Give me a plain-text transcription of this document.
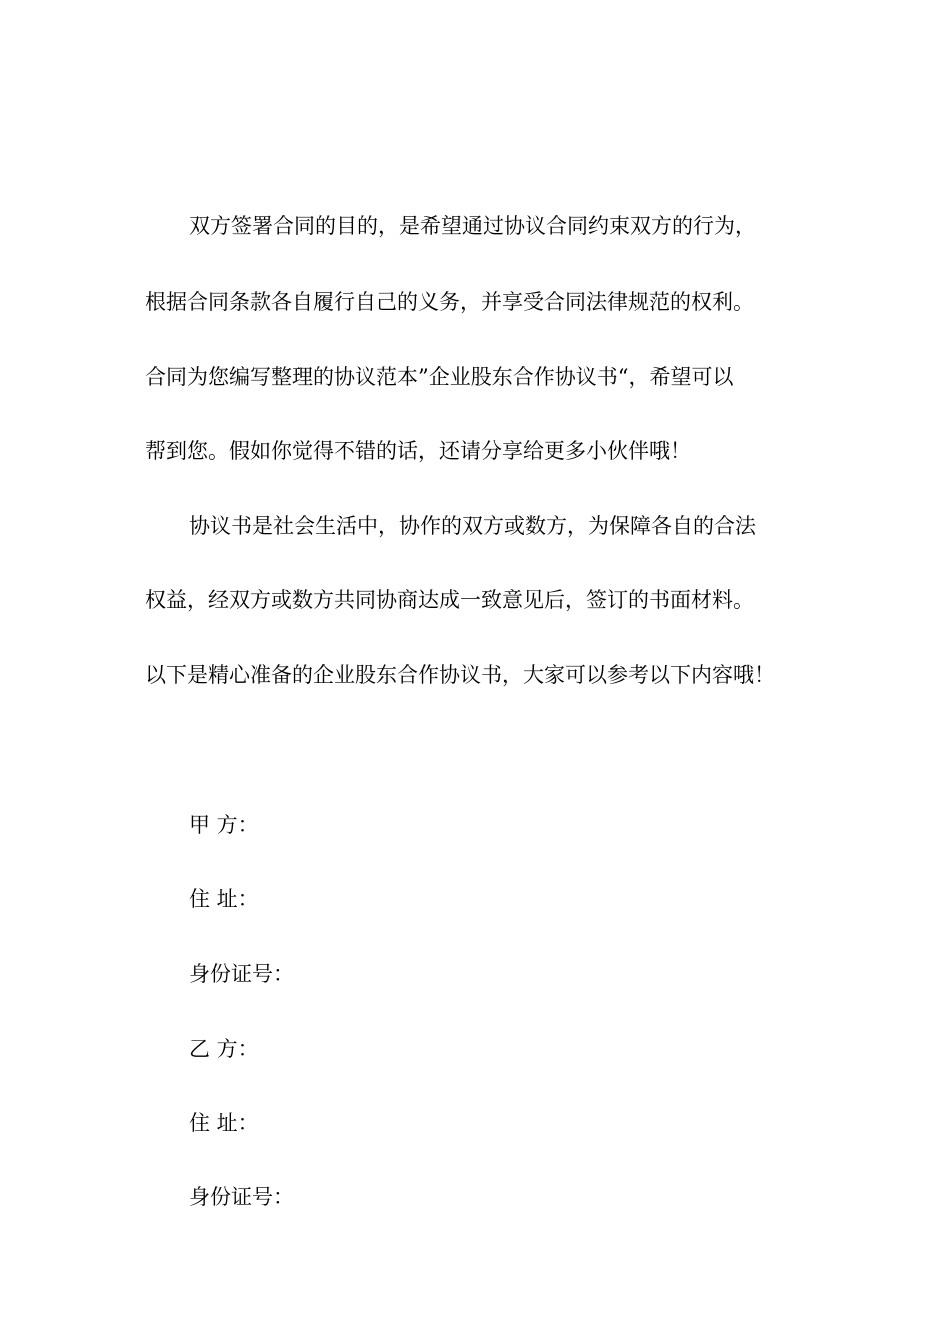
双方签署合同的目的，是希望通过协议合同约束双方的行为，
根据合同条款各自履行自己的义务，并享受合同法律规范的权利。
合同为您编写整理的协议范本”企业股东合作协议书“，希望可以
帮到您。假如你觉得不错的话，还请分享给更多小伙伴哦！
协议书是社会生活中，协作的双方或数方，为保障各自的合法
权益，经双方或数方共同协商达成一致意见后，签订的书面材料。
以下是精心准备的企业股东合作协议书，大家可以参考以下内容哦！
甲 方：
住 址：
身份证号：
乙 方：
住 址：
身份证号：
